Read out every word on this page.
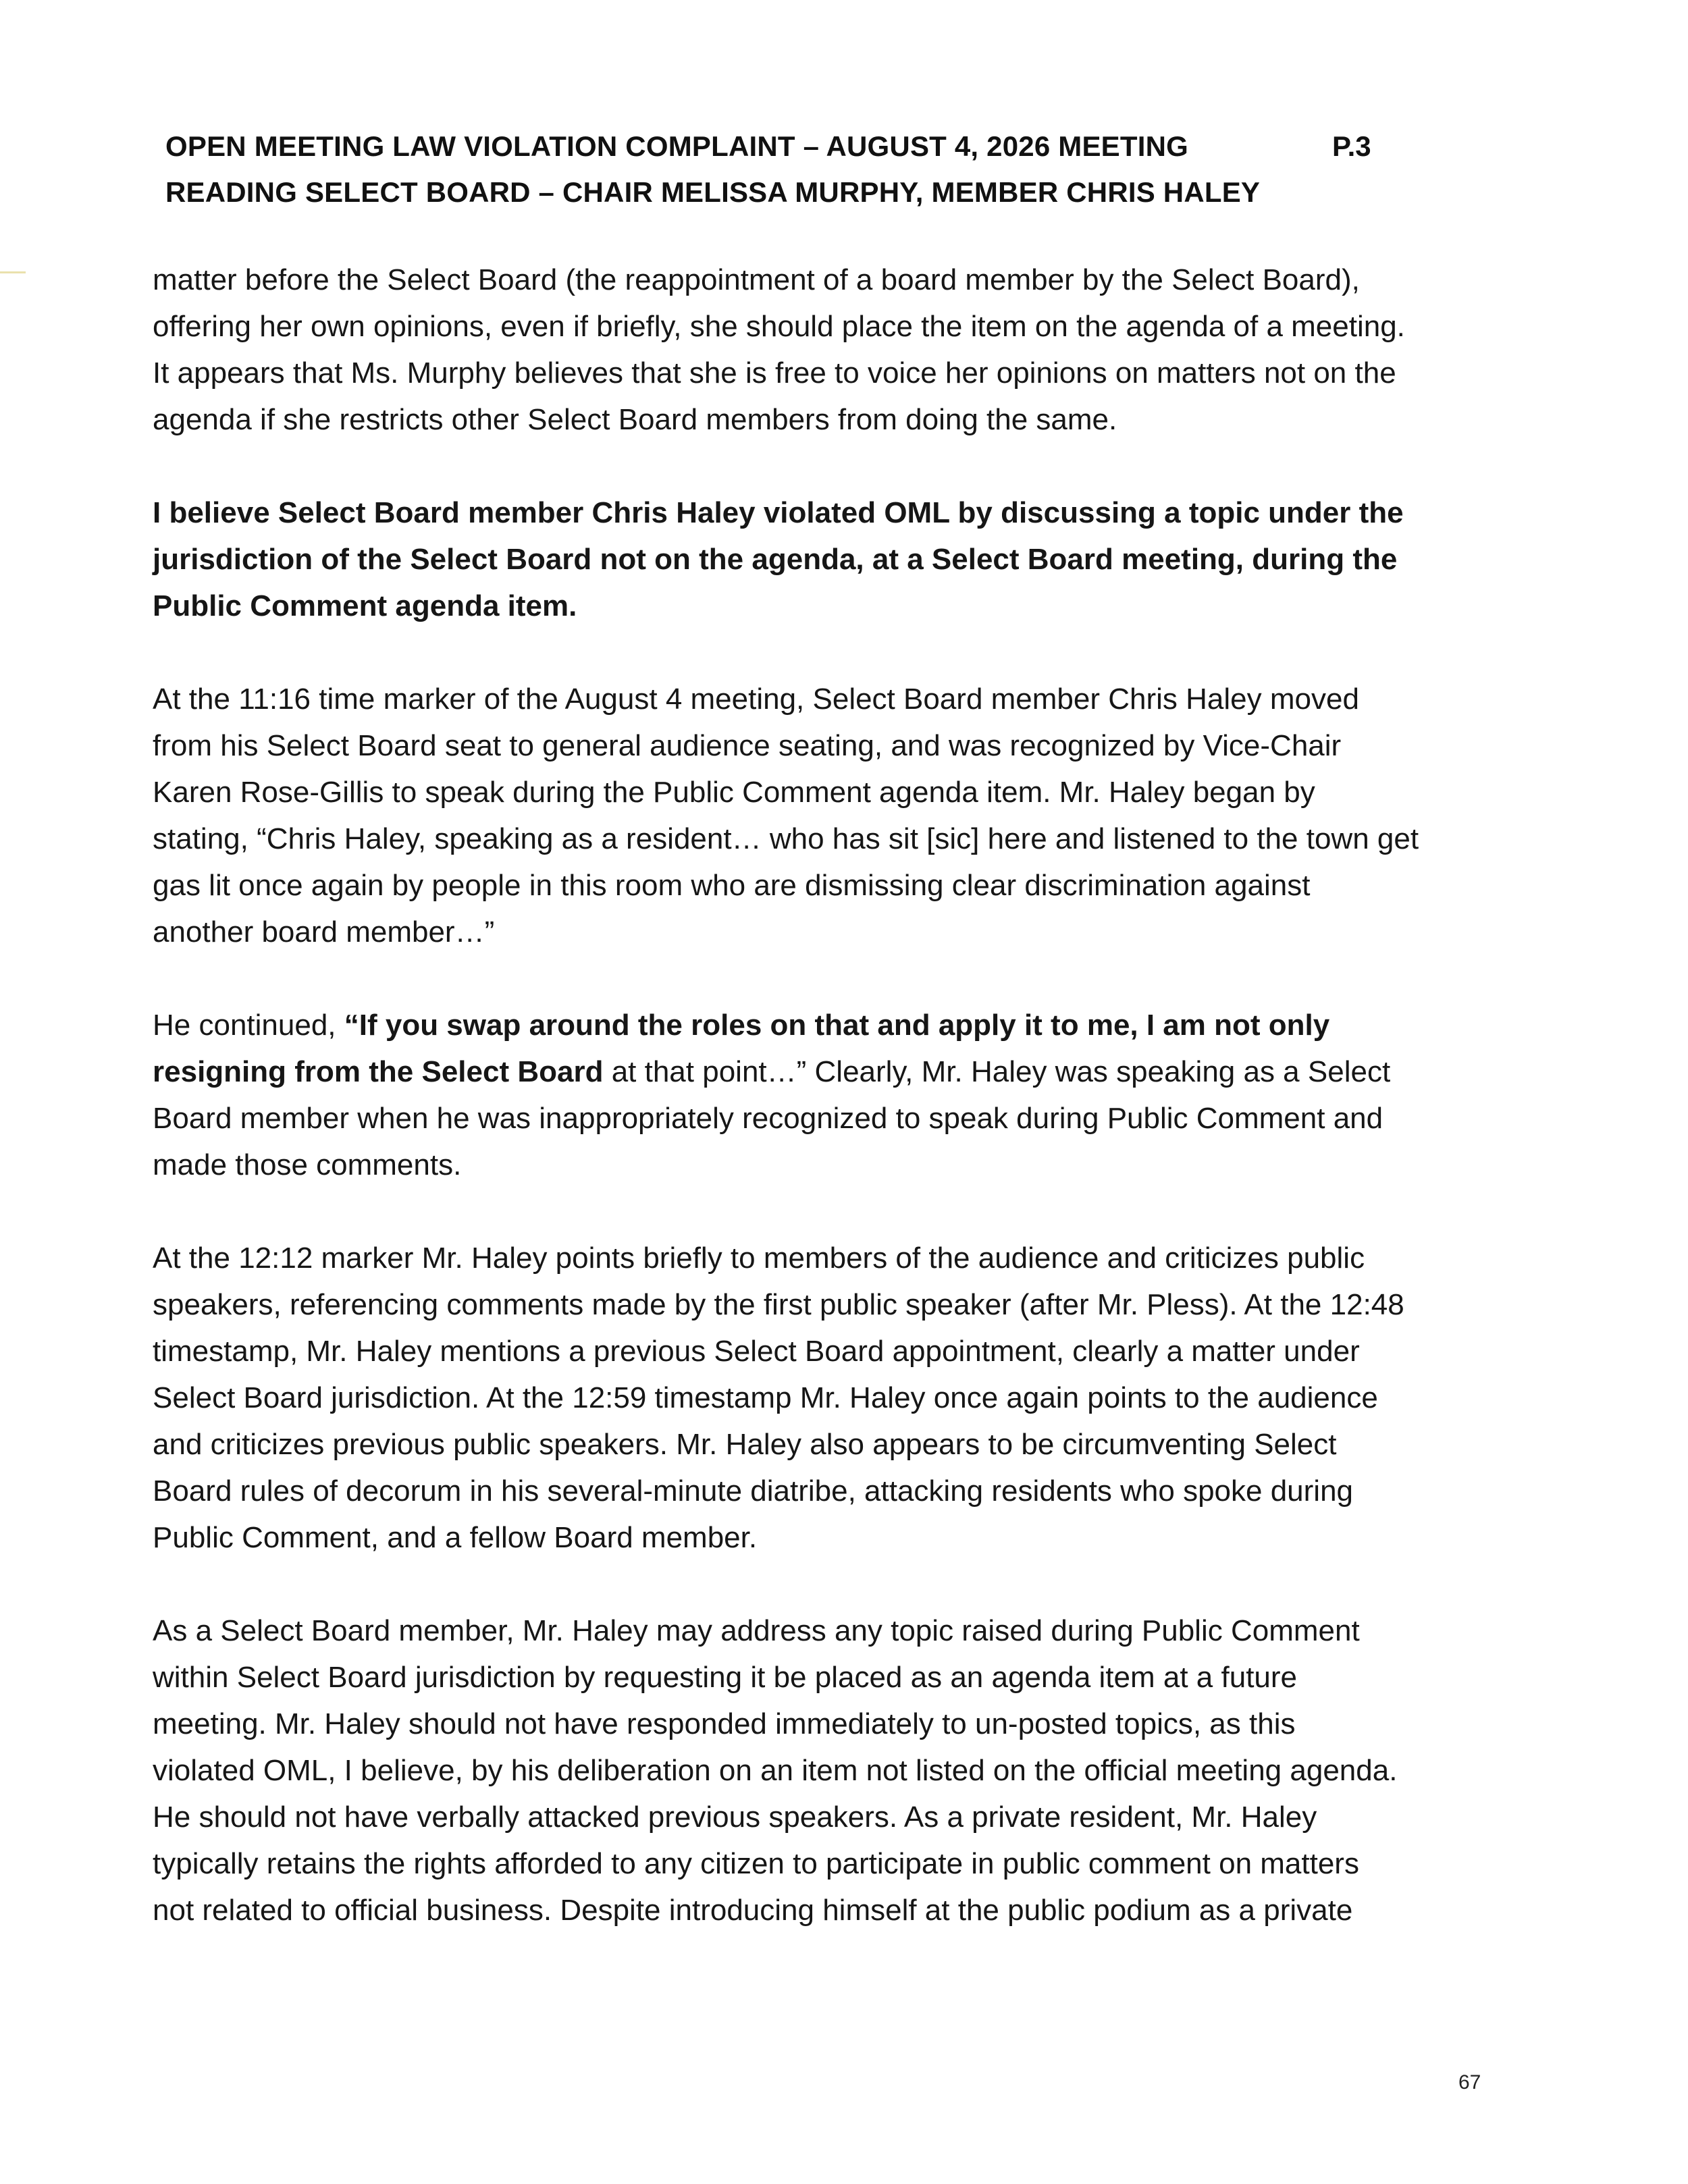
OPEN MEETING LAW VIOLATION COMPLAINT – AUGUST 4, 2026 MEETING
READING SELECT BOARD – CHAIR MELISSA MURPHY, MEMBER CHRIS HALEY
P.3
matter before the Select Board (the reappointment of a board member by the Select Board),
offering her own opinions, even if briefly, she should place the item on the agenda of a meeting.
It appears that Ms. Murphy believes that she is free to voice her opinions on matters not on the
agenda if she restricts other Select Board members from doing the same.
I believe Select Board member Chris Haley violated OML by discussing a topic under the
jurisdiction of the Select Board not on the agenda, at a Select Board meeting, during the
Public Comment agenda item.
At the 11:16 time marker of the August 4 meeting, Select Board member Chris Haley moved
from his Select Board seat to general audience seating, and was recognized by Vice-Chair
Karen Rose-Gillis to speak during the Public Comment agenda item. Mr. Haley began by
stating, “Chris Haley, speaking as a resident… who has sit [sic] here and listened to the town get
gas lit once again by people in this room who are dismissing clear discrimination against
another board member…”
He continued, “If you swap around the roles on that and apply it to me, I am not only
resigning from the Select Board at that point…” Clearly, Mr. Haley was speaking as a Select
Board member when he was inappropriately recognized to speak during Public Comment and
made those comments.
At the 12:12 marker Mr. Haley points briefly to members of the audience and criticizes public
speakers, referencing comments made by the first public speaker (after Mr. Pless). At the 12:48
timestamp, Mr. Haley mentions a previous Select Board appointment, clearly a matter under
Select Board jurisdiction. At the 12:59 timestamp Mr. Haley once again points to the audience
and criticizes previous public speakers. Mr. Haley also appears to be circumventing Select
Board rules of decorum in his several-minute diatribe, attacking residents who spoke during
Public Comment, and a fellow Board member.
As a Select Board member, Mr. Haley may address any topic raised during Public Comment
within Select Board jurisdiction by requesting it be placed as an agenda item at a future
meeting. Mr. Haley should not have responded immediately to un-posted topics, as this
violated OML, I believe, by his deliberation on an item not listed on the official meeting agenda.
He should not have verbally attacked previous speakers. As a private resident, Mr. Haley
typically retains the rights afforded to any citizen to participate in public comment on matters
not related to official business. Despite introducing himself at the public podium as a private
67
